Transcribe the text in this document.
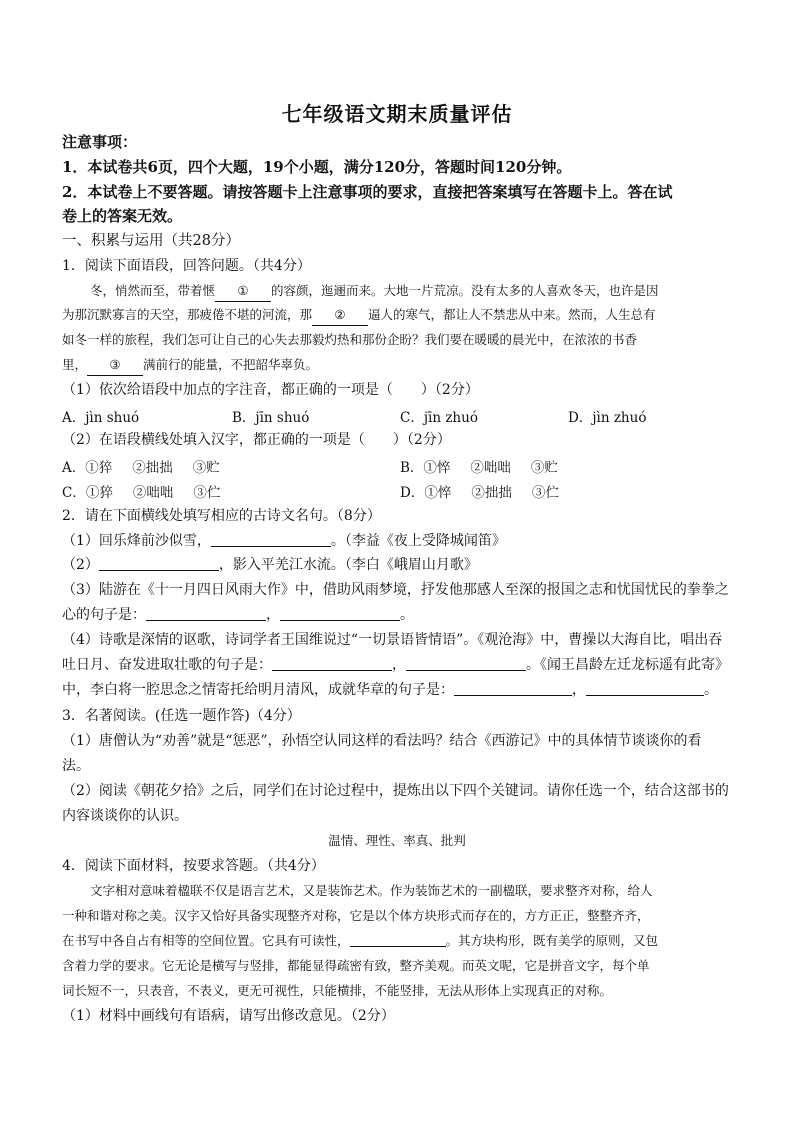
七年级语文期末质量评估
注意事项：
1．本试卷共6页，四个大题，19个小题，满分120分，答题时间120分钟。
2．本试卷上不要答题。请按答题卡上注意事项的要求，直接把答案填写在答题卡上。答在试
卷上的答案无效。
一、积累与运用（共28分）
1．阅读下面语段，回答问题。（共4分）
冬，悄然而至，带着惬 ① 的容颜，迤逦而来。大地一片荒凉。没有太多的人喜欢冬天，也许是因
为那沉默寡言的天空，那疲倦不堪的河流，那 ② 逼人的寒气，都让人不禁悲从中来。然而，人生总有
如冬一样的旅程，我们怎可让自己的心失去那毅灼热和那份企盼？我们要在暖暖的晨光中，在浓浓的书香
里， ③ 满前行的能量，不把韶华辜负。
（1）依次给语段中加点的字注音，都正确的一项是（　　）（2分）
A．jìn shuó	B．jīn shuó	C．jīn zhuó	D．jìn zhuó
（2）在语段横线处填入汉字，都正确的一项是（　　）（2分）
A．①猝 ②拙拙 ③贮	B．①悴 ②咄咄 ③贮
C．①猝 ②咄咄 ③伫	D．①悴 ②拙拙 ③伫
2．请在下面横线处填写相应的古诗文名句。（8分）
（1）回乐烽前沙似雪，	。（李益《夜上受降城闻笛》
（2）	，影入平羌江水流。（李白《峨眉山月歌》
（3）陆游在《十一月四日风雨大作》中，借助风雨梦境，抒发他那感人至深的报国之志和忧国忧民的拳拳之
心的句子是：	，	。
（4）诗歌是深情的讴歌，诗词学者王国维说过“一切景语皆情语”。《观沧海》中，曹操以大海自比，唱出吞
吐日月、奋发进取壮歌的句子是：	，	。《闻王昌龄左迁龙标遥有此寄》
中，李白将一腔思念之情寄托给明月清风，成就华章的句子是：	，	。
3．名著阅读。(任选一题作答)（4分）
（1）唐僧认为“劝善”就是“惩恶”，孙悟空认同这样的看法吗？结合《西游记》中的具体情节谈谈你的看
法。
（2）阅读《朝花夕拾》之后，同学们在讨论过程中，提炼出以下四个关键词。请你任选一个，结合这部书的
内容谈谈你的认识。
温情、理性、率真、批判
4．阅读下面材料，按要求答题。（共4分）
文字相对意味着楹联不仅是语言艺术，又是装饰艺术。作为装饰艺术的一副楹联，要求整齐对称，给人
一种和谐对称之美。汉字又恰好具备实现整齐对称，它是以个体方块形式而存在的，方方正正，整整齐齐，
在书写中各自占有相等的空间位置。它具有可读性，	。其方块构形，既有美学的原则，又包
含着力学的要求。它无论是横写与竖排，都能显得疏密有致，整齐美观。而英文呢，它是拼音文字，每个单
词长短不一，只表音，不表义，更无可视性，只能横排，不能竖排，无法从形体上实现真正的对称。
（1）材料中画线句有语病，请写出修改意见。（2分）
